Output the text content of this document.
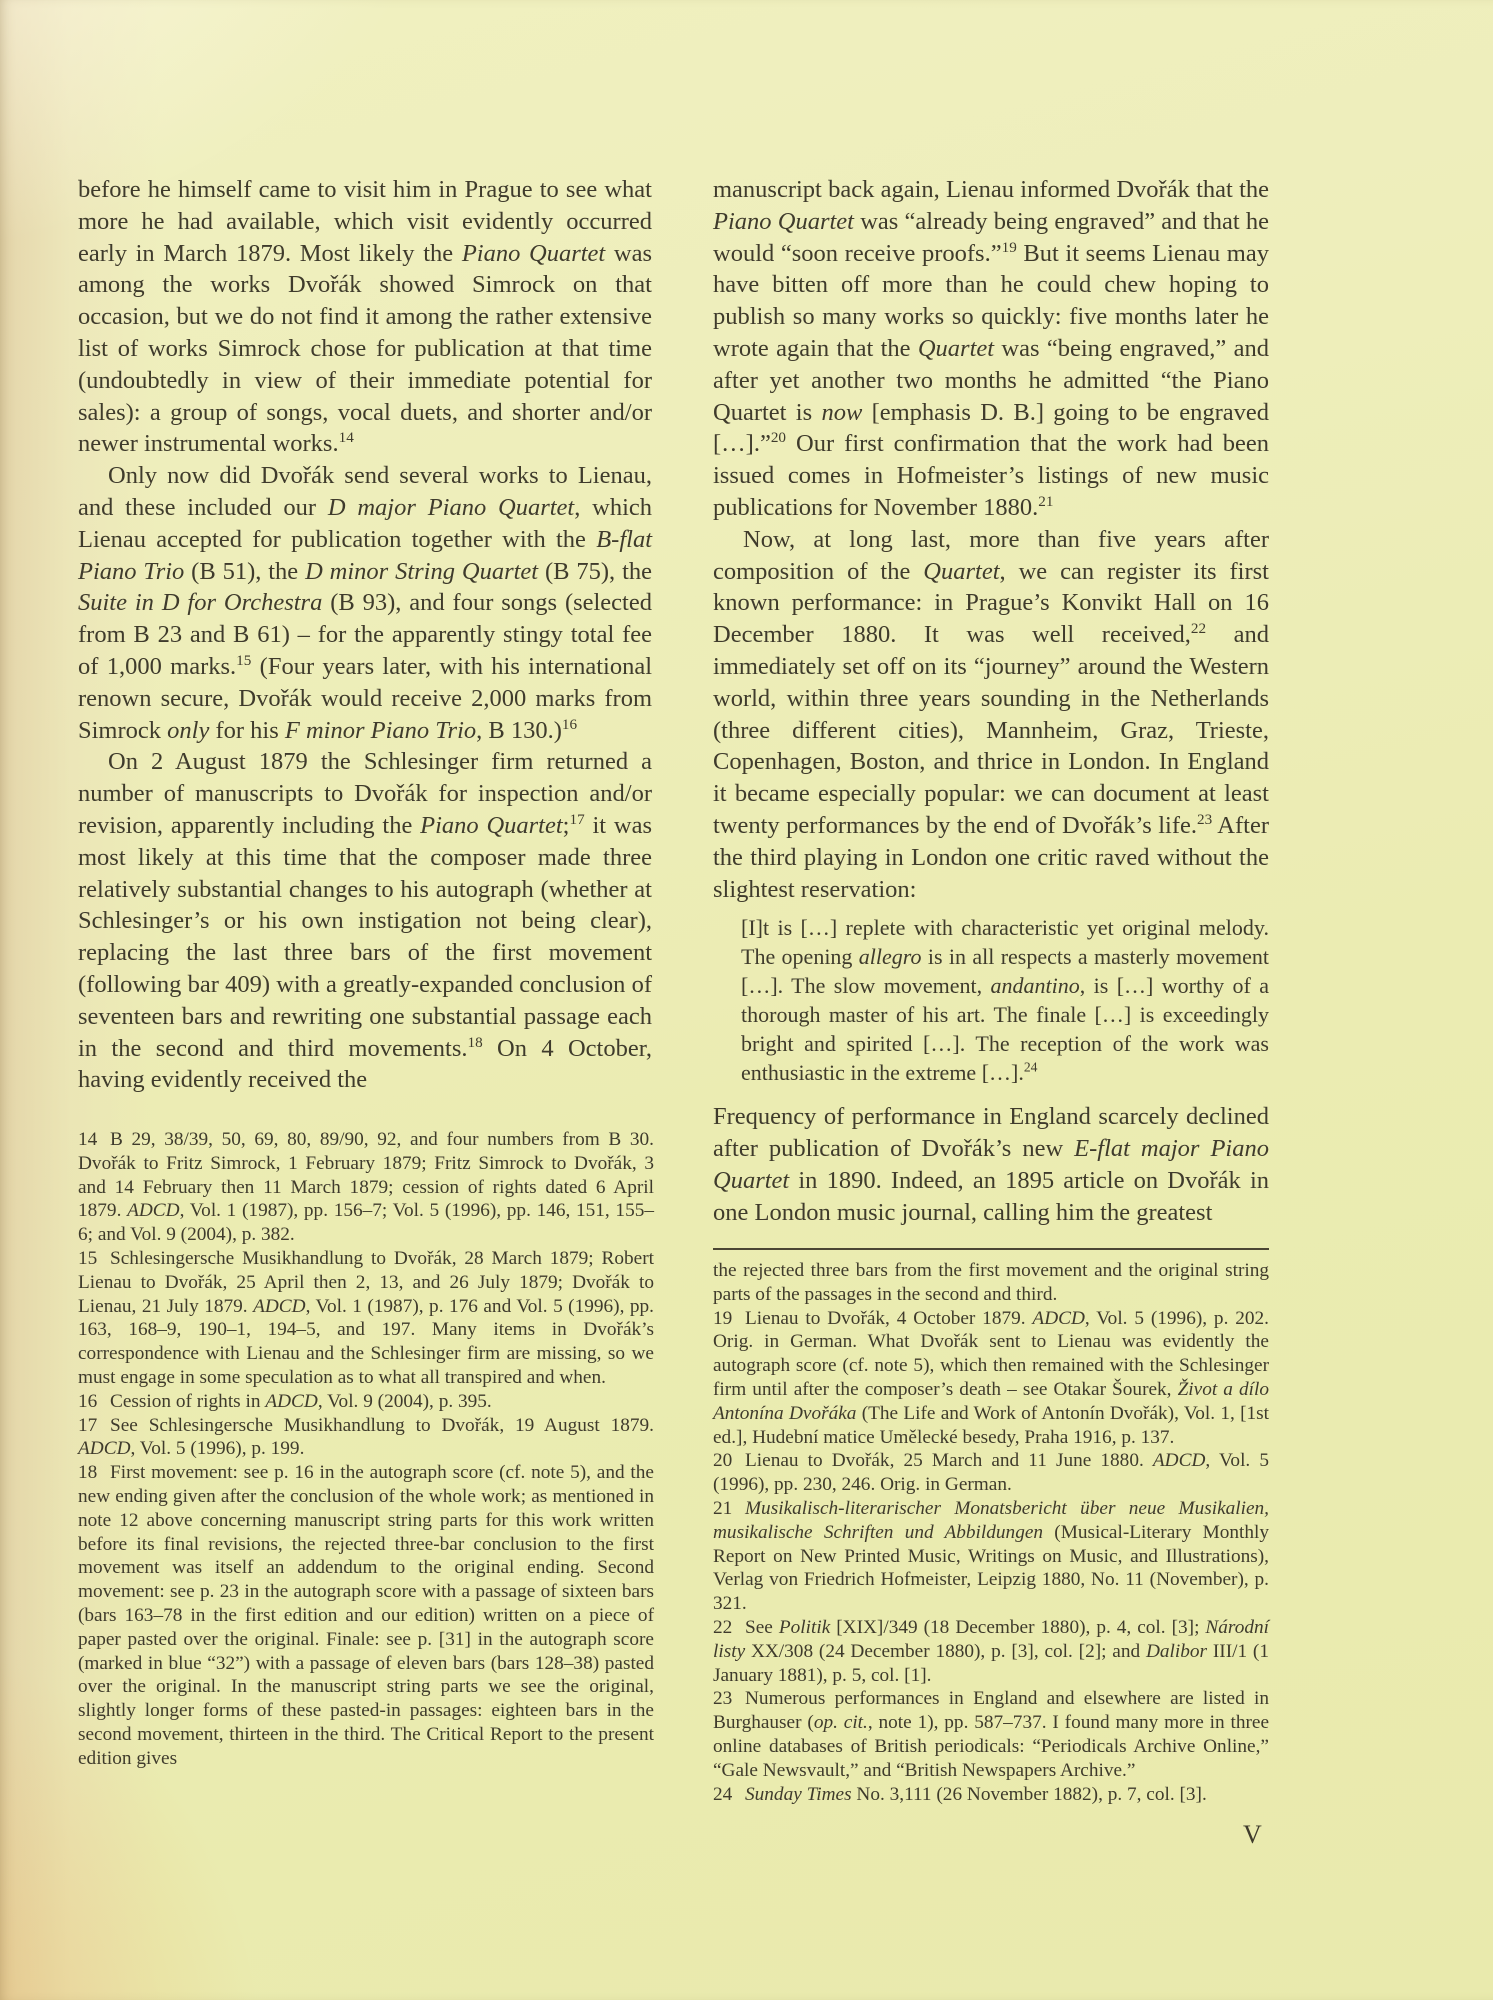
before he himself came to visit him in Prague to see what more he had available, which visit evidently occurred early in March 1879. Most likely the Piano Quartet was among the works Dvořák showed Simrock on that occasion, but we do not find it among the rather extensive list of works Simrock chose for publication at that time (undoubtedly in view of their immediate potential for sales): a group of songs, vocal duets, and shorter and/or newer instrumental works.$^{14}$

Only now did Dvořák send several works to Lienau, and these included our D major Piano Quartet, which Lienau accepted for publication together with the B-flat Piano Trio (B 51), the D minor String Quartet (B 75), the Suite in D for Orchestra (B 93), and four songs (selected from B 23 and B 61) – for the apparently stingy total fee of 1,000 marks.$^{15}$ (Four years later, with his international renown secure, Dvořák would receive 2,000 marks from Simrock only for his F minor Piano Trio, B 130.)$^{16}$

On 2 August 1879 the Schlesinger firm returned a number of manuscripts to Dvořák for inspection and/or revision, apparently including the Piano Quartet;$^{17}$ it was most likely at this time that the composer made three relatively substantial changes to his autograph (whether at Schlesinger’s or his own instigation not being clear), replacing the last three bars of the first movement (following bar 409) with a greatly-expanded conclusion of seventeen bars and rewriting one substantial passage each in the second and third movements.$^{18}$ On 4 October, having evidently received the

14 B 29, 38/39, 50, 69, 80, 89/90, 92, and four numbers from B 30. Dvořák to Fritz Simrock, 1 February 1879; Fritz Simrock to Dvořák, 3 and 14 February then 11 March 1879; cession of rights dated 6 April 1879. ADCD, Vol. 1 (1987), pp. 156–7; Vol. 5 (1996), pp. 146, 151, 155–6; and Vol. 9 (2004), p. 382.

15 Schlesingersche Musikhandlung to Dvořák, 28 March 1879; Robert Lienau to Dvořák, 25 April then 2, 13, and 26 July 1879; Dvořák to Lienau, 21 July 1879. ADCD, Vol. 1 (1987), p. 176 and Vol. 5 (1996), pp. 163, 168–9, 190–1, 194–5, and 197. Many items in Dvořák’s correspondence with Lienau and the Schlesinger firm are missing, so we must engage in some speculation as to what all transpired and when.

16 Cession of rights in ADCD, Vol. 9 (2004), p. 395.

17 See Schlesingersche Musikhandlung to Dvořák, 19 August 1879. ADCD, Vol. 5 (1996), p. 199.

18 First movement: see p. 16 in the autograph score (cf. note 5), and the new ending given after the conclusion of the whole work; as mentioned in note 12 above concerning manuscript string parts for this work written before its final revisions, the rejected three-bar conclusion to the first movement was itself an addendum to the original ending. Second movement: see p. 23 in the autograph score with a passage of sixteen bars (bars 163–78 in the first edition and our edition) written on a piece of paper pasted over the original. Finale: see p. [31] in the autograph score (marked in blue “32”) with a passage of eleven bars (bars 128–38) pasted over the original. In the manuscript string parts we see the original, slightly longer forms of these pasted-in passages: eighteen bars in the second movement, thirteen in the third. The Critical Report to the present edition gives

manuscript back again, Lienau informed Dvořák that the Piano Quartet was “already being engraved” and that he would “soon receive proofs.”$^{19}$ But it seems Lienau may have bitten off more than he could chew hoping to publish so many works so quickly: five months later he wrote again that the Quartet was “being engraved,” and after yet another two months he admitted “the Piano Quartet is now [emphasis D. B.] going to be engraved […].”$^{20}$ Our first confirmation that the work had been issued comes in Hofmeister’s listings of new music publications for November 1880.21

Now, at long last, more than five years after composition of the Quartet, we can register its first known performance: in Prague’s Konvikt Hall on 16 December 1880. It was well received,$^{22}$ and immediately set off on its “journey” around the Western world, within three years sounding in the Netherlands (three different cities), Mannheim, Graz, Trieste, Copenhagen, Boston, and thrice in London. In England it became especially popular: we can document at least twenty performances by the end of Dvořák’s life.$^{23}$ After the third playing in London one critic raved without the slightest reservation:

[I]t is […] replete with characteristic yet original melody. The opening allegro is in all respects a masterly movement […]. The slow movement, andantino, is […] worthy of a thorough master of his art. The finale […] is exceedingly bright and spirited […]. The reception of the work was enthusiastic in the extreme […].$^{24}$

Frequency of performance in England scarcely declined after publication of Dvořák’s new E-flat major Piano Quartet in 1890. Indeed, an 1895 article on Dvořák in one London music journal, calling him the greatest

the rejected three bars from the first movement and the original string parts of the passages in the second and third.

19 Lienau to Dvořák, 4 October 1879. ADCD, Vol. 5 (1996), p. 202. Orig. in German. What Dvořák sent to Lienau was evidently the autograph score (cf. note 5), which then remained with the Schlesinger firm until after the composer’s death – see Otakar Šourek, Život a dílo Antonína Dvořáka (The Life and Work of Antonín Dvořák), Vol. 1, [1st ed.], Hudební matice Umělecké besedy, Praha 1916, p. 137.

20 Lienau to Dvořák, 25 March and 11 June 1880. ADCD, Vol. 5 (1996), pp. 230, 246. Orig. in German.

21 Musikalisch-literarischer Monatsbericht über neue Musikalien, musikalische Schriften und Abbildungen (Musical-Literary Monthly Report on New Printed Music, Writings on Music, and Illustrations), Verlag von Friedrich Hofmeister, Leipzig 1880, No. 11 (November), p. 321.

22 See Politik [XIX]/349 (18 December 1880), p. 4, col. [3]; Národní listy XX/308 (24 December 1880), p. [3], col. [2]; and Dalibor III/1 (1 January 1881), p. 5, col. [1].

23 Numerous performances in England and elsewhere are listed in Burghauser (op. cit., note 1), pp. 587–737. I found many more in three online databases of British periodicals: “Periodicals Archive Online,” “Gale Newsvault,” and “British Newspapers Archive.”

24 Sunday Times No. 3,111 (26 November 1882), p. 7, col. [3].

V
